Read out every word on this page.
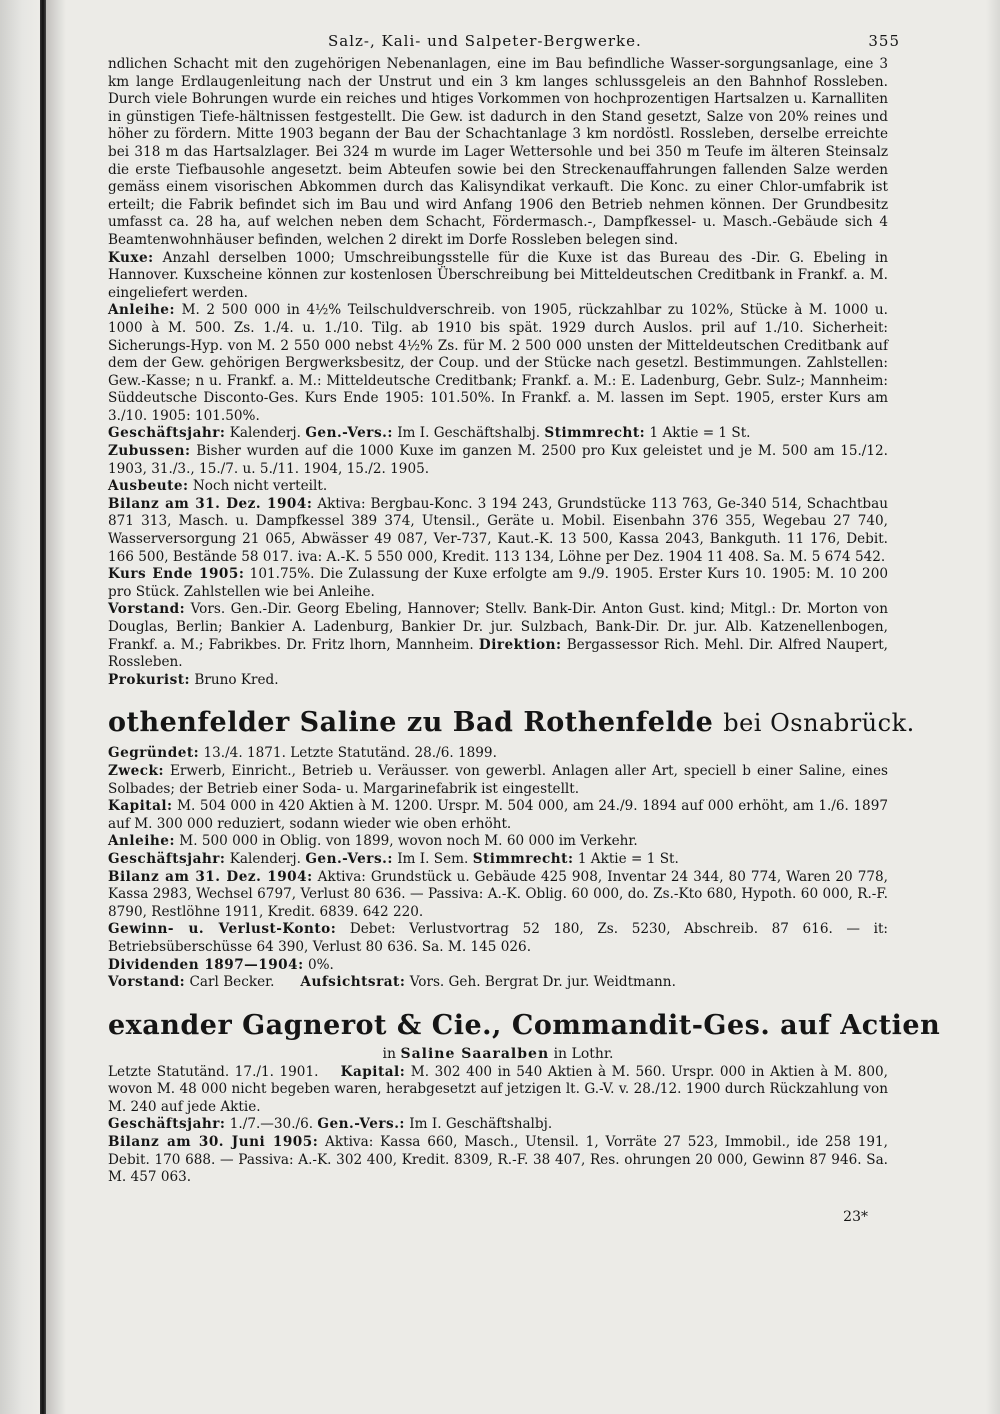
Salz-, Kali- und Salpeter-Bergwerke.	355

ndlichen Schacht mit den zugehörigen Nebenanlagen, eine im Bau befindliche Wasser-sorgungsanlage, eine 3 km lange Erdlaugenleitung nach der Unstrut und ein 3 km langes schlussgeleis an den Bahnhof Rossleben. Durch viele Bohrungen wurde ein reiches und htiges Vorkommen von hochprozentigen Hartsalzen u. Karnalliten in günstigen Tiefe-hältnissen festgestellt. Die Gew. ist dadurch in den Stand gesetzt, Salze von 20% reines und höher zu fördern. Mitte 1903 begann der Bau der Schachtanlage 3 km nordöstl. Rossleben, derselbe erreichte bei 318 m das Hartsalzlager. Bei 324 m wurde im Lager Wettersohle und bei 350 m Teufe im älteren Steinsalz die erste Tiefbausohle angesetzt. beim Abteufen sowie bei den Streckenauffahrungen fallenden Salze werden gemäss einem visorischen Abkommen durch das Kalisyndikat verkauft. Die Konc. zu einer Chlor-umfabrik ist erteilt; die Fabrik befindet sich im Bau und wird Anfang 1906 den Betrieb nehmen können. Der Grundbesitz umfasst ca. 28 ha, auf welchen neben dem Schacht, Fördermasch.-, Dampfkessel- u. Masch.-Gebäude sich 4 Beamtenwohnhäuser befinden, welchen 2 direkt im Dorfe Rossleben belegen sind.

Kuxe: Anzahl derselben 1000; Umschreibungsstelle für die Kuxe ist das Bureau des -Dir. G. Ebeling in Hannover. Kuxscheine können zur kostenlosen Überschreibung bei Mitteldeutschen Creditbank in Frankf. a. M. eingeliefert werden.

Anleihe: M. 2 500 000 in 4½% Teilschuldverschreib. von 1905, rückzahlbar zu 102%, Stücke à M. 1000 u. 1000 à M. 500. Zs. 1./4. u. 1./10. Tilg. ab 1910 bis spät. 1929 durch Auslos. pril auf 1./10. Sicherheit: Sicherungs-Hyp. von M. 2 550 000 nebst 4½% Zs. für M. 2 500 000 unsten der Mitteldeutschen Creditbank auf dem der Gew. gehörigen Bergwerksbesitz, der Coup. und der Stücke nach gesetzl. Bestimmungen. Zahlstellen: Gew.-Kasse; n u. Frankf. a. M.: Mitteldeutsche Creditbank; Frankf. a. M.: E. Ladenburg, Gebr. Sulz-; Mannheim: Süddeutsche Disconto-Ges. Kurs Ende 1905: 101.50%. In Frankf. a. M. lassen im Sept. 1905, erster Kurs am 3./10. 1905: 101.50%.

Geschäftsjahr: Kalenderj. Gen.-Vers.: Im I. Geschäftshalbj. Stimmrecht: 1 Aktie = 1 St.

Zubussen: Bisher wurden auf die 1000 Kuxe im ganzen M. 2500 pro Kux geleistet und je M. 500 am 15./12. 1903, 31./3., 15./7. u. 5./11. 1904, 15./2. 1905.

Ausbeute: Noch nicht verteilt.

Bilanz am 31. Dez. 1904: Aktiva: Bergbau-Konc. 3 194 243, Grundstücke 113 763, Ge-340 514, Schachtbau 871 313, Masch. u. Dampfkessel 389 374, Utensil., Geräte u. Mobil. Eisenbahn 376 355, Wegebau 27 740, Wasserversorgung 21 065, Abwässer 49 087, Ver-737, Kaut.-K. 13 500, Kassa 2043, Bankguth. 11 176, Debit. 166 500, Bestände 58 017. iva: A.-K. 5 550 000, Kredit. 113 134, Löhne per Dez. 1904 11 408. Sa. M. 5 674 542.

Kurs Ende 1905: 101.75%. Die Zulassung der Kuxe erfolgte am 9./9. 1905. Erster Kurs 10. 1905: M. 10 200 pro Stück. Zahlstellen wie bei Anleihe.

Vorstand: Vors. Gen.-Dir. Georg Ebeling, Hannover; Stellv. Bank-Dir. Anton Gust. kind; Mitgl.: Dr. Morton von Douglas, Berlin; Bankier A. Ladenburg, Bankier Dr. jur. Sulzbach, Bank-Dir. Dr. jur. Alb. Katzenellenbogen, Frankf. a. M.; Fabrikbes. Dr. Fritz lhorn, Mannheim. Direktion: Bergassessor Rich. Mehl. Dir. Alfred Naupert, Rossleben.

Prokurist: Bruno Kred.

othenfelder Saline zu Bad Rothenfelde bei Osnabrück.

Gegründet: 13./4. 1871. Letzte Statutänd. 28./6. 1899.

Zweck: Erwerb, Einricht., Betrieb u. Veräusser. von gewerbl. Anlagen aller Art, speciell b einer Saline, eines Solbades; der Betrieb einer Soda- u. Margarinefabrik ist eingestellt.

Kapital: M. 504 000 in 420 Aktien à M. 1200. Urspr. M. 504 000, am 24./9. 1894 auf 000 erhöht, am 1./6. 1897 auf M. 300 000 reduziert, sodann wieder wie oben erhöht.

Anleihe: M. 500 000 in Oblig. von 1899, wovon noch M. 60 000 im Verkehr.

Geschäftsjahr: Kalenderj. Gen.-Vers.: Im I. Sem. Stimmrecht: 1 Aktie = 1 St.

Bilanz am 31. Dez. 1904: Aktiva: Grundstück u. Gebäude 425 908, Inventar 24 344, 80 774, Waren 20 778, Kassa 2983, Wechsel 6797, Verlust 80 636. — Passiva: A.-K. Oblig. 60 000, do. Zs.-Kto 680, Hypoth. 60 000, R.-F. 8790, Restlöhne 1911, Kredit. 6839. 642 220.

Gewinn- u. Verlust-Konto: Debet: Verlustvortrag 52 180, Zs. 5230, Abschreib. 87 616. — it: Betriebsüberschüsse 64 390, Verlust 80 636. Sa. M. 145 026.

Dividenden 1897—1904: 0%.

Vorstand: Carl Becker. Aufsichtsrat: Vors. Geh. Bergrat Dr. jur. Weidtmann.

exander Gagnerot & Cie., Commandit-Ges. auf Actien
in Saline Saaralben in Lothr.

Letzte Statutänd. 17./1. 1901. Kapital: M. 302 400 in 540 Aktien à M. 560. Urspr. 000 in Aktien à M. 800, wovon M. 48 000 nicht begeben waren, herabgesetzt auf jetzigen lt. G.-V. v. 28./12. 1900 durch Rückzahlung von M. 240 auf jede Aktie.

Geschäftsjahr: 1./7.—30./6. Gen.-Vers.: Im I. Geschäftshalbj.

Bilanz am 30. Juni 1905: Aktiva: Kassa 660, Masch., Utensil. 1, Vorräte 27 523, Immobil., ide 258 191, Debit. 170 688. — Passiva: A.-K. 302 400, Kredit. 8309, R.-F. 38 407, Res. ohrungen 20 000, Gewinn 87 946. Sa. M. 457 063.

23*
